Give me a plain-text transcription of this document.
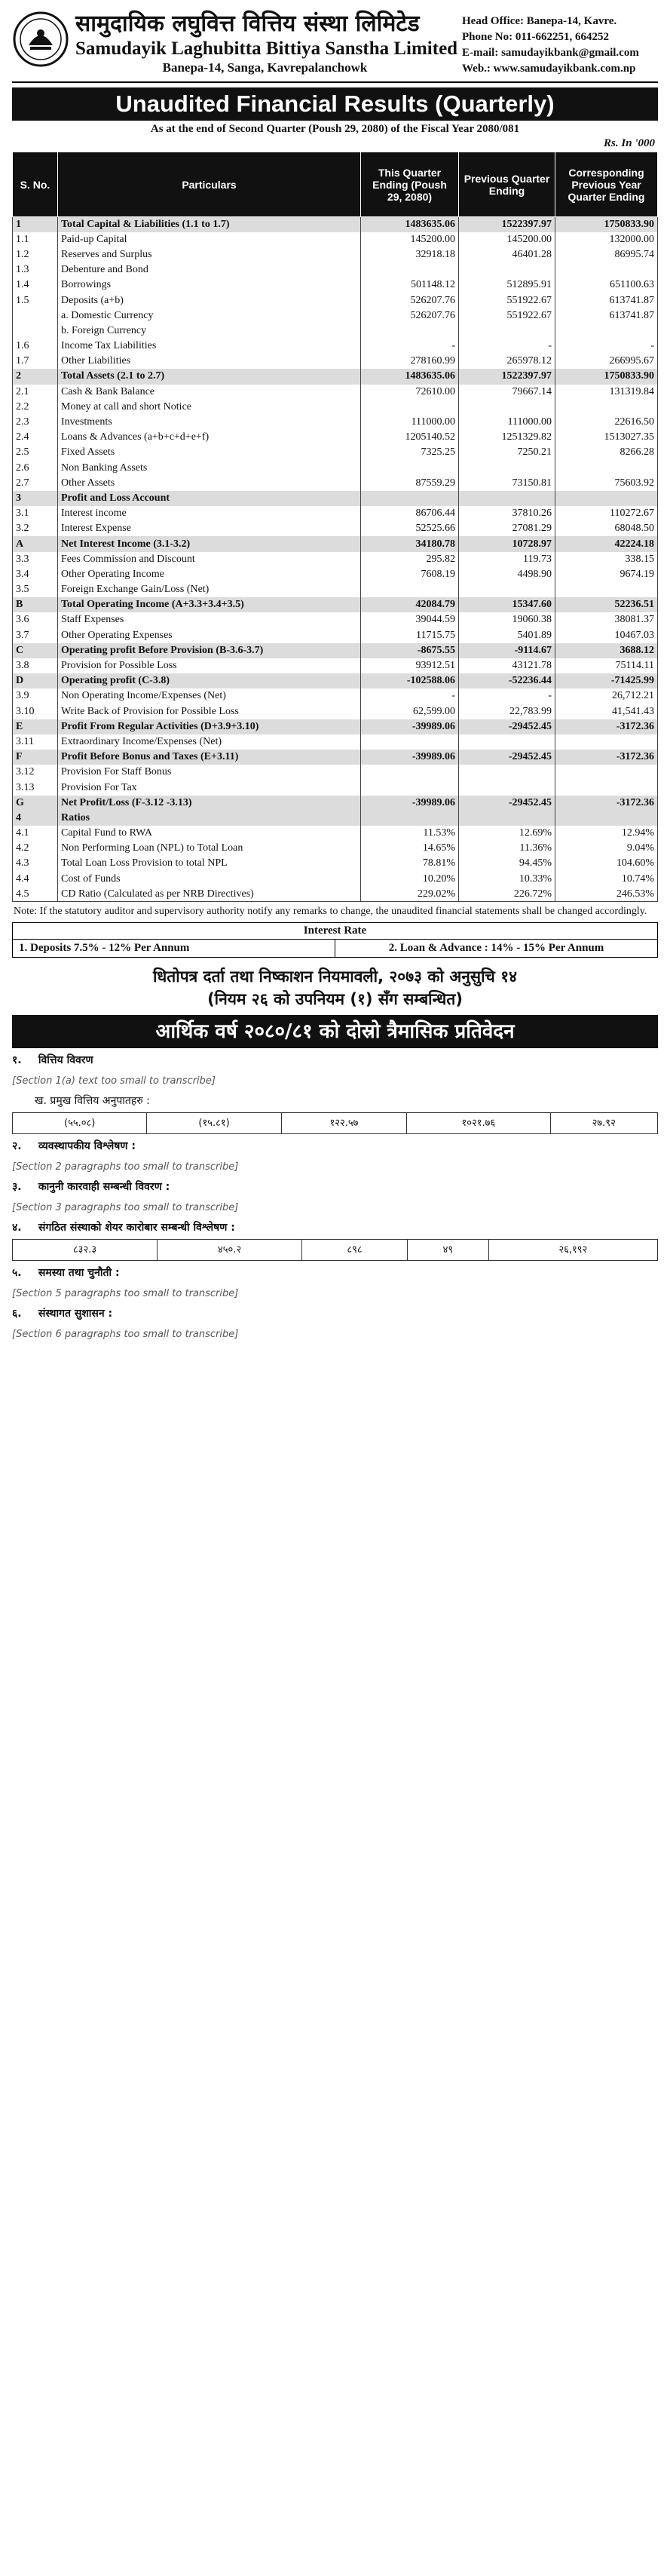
सामुदायिक लघुवित्त वित्तिय संस्था लिमिटेड
Samudayik Laghubitta Bittiya Sanstha Limited
Banepa-14, Sanga, Kavrepalanchowk
Head Office: Banepa-14, Kavre.
Phone No: 011-662251, 664252
E-mail: samudayikbank@gmail.com
Web.: www.samudayikbank.com.np
Unaudited Financial Results (Quarterly)
As at the end of Second Quarter (Poush 29, 2080) of the Fiscal Year 2080/081
Rs. In '000
S. No.	Particulars	This Quarter Ending (Poush 29, 2080)	Previous Quarter Ending	Corresponding Previous Year Quarter Ending
1	Total Capital & Liabilities (1.1 to 1.7)	1483635.06	1522397.97	1750833.90
1.1	Paid-up Capital	145200.00	145200.00	132000.00
1.2	Reserves and Surplus	32918.18	46401.28	86995.74
1.3	Debenture and Bond			
1.4	Borrowings	501148.12	512895.91	651100.63
1.5	Deposits (a+b)	526207.76	551922.67	613741.87
	a. Domestic Currency	526207.76	551922.67	613741.87
	b. Foreign Currency			
1.6	Income Tax Liabilities	-	-	-
1.7	Other Liabilities	278160.99	265978.12	266995.67
2	Total Assets (2.1 to 2.7)	1483635.06	1522397.97	1750833.90
2.1	Cash & Bank Balance	72610.00	79667.14	131319.84
2.2	Money at call and short Notice			
2.3	Investments	111000.00	111000.00	22616.50
2.4	Loans & Advances (a+b+c+d+e+f)	1205140.52	1251329.82	1513027.35
2.5	Fixed Assets	7325.25	7250.21	8266.28
2.6	Non Banking Assets			
2.7	Other Assets	87559.29	73150.81	75603.92
3	Profit and Loss Account			
3.1	Interest income	86706.44	37810.26	110272.67
3.2	Interest Expense	52525.66	27081.29	68048.50
A	Net Interest Income (3.1-3.2)	34180.78	10728.97	42224.18
3.3	Fees Commission and Discount	295.82	119.73	338.15
3.4	Other Operating Income	7608.19	4498.90	9674.19
3.5	Foreign Exchange Gain/Loss (Net)			
B	Total Operating Income (A+3.3+3.4+3.5)	42084.79	15347.60	52236.51
3.6	Staff Expenses	39044.59	19060.38	38081.37
3.7	Other Operating Expenses	11715.75	5401.89	10467.03
C	Operating profit Before Provision (B-3.6-3.7)	-8675.55	-9114.67	3688.12
3.8	Provision for Possible Loss	93912.51	43121.78	75114.11
D	Operating profit (C-3.8)	-102588.06	-52236.44	-71425.99
3.9	Non Operating Income/Expenses (Net)	-	-	26,712.21
3.10	Write Back of Provision for Possible Loss	62,599.00	22,783.99	41,541.43
E	Profit From Regular Activities (D+3.9+3.10)	-39989.06	-29452.45	-3172.36
3.11	Extraordinary Income/Expenses (Net)			
F	Profit Before Bonus and Taxes (E+3.11)	-39989.06	-29452.45	-3172.36
3.12	Provision For Staff Bonus			
3.13	Provision For Tax			
G	Net Profit/Loss (F-3.12 -3.13)	-39989.06	-29452.45	-3172.36
4	Ratios			
4.1	Capital Fund to RWA	11.53%	12.69%	12.94%
4.2	Non Performing Loan (NPL) to Total Loan	14.65%	11.36%	9.04%
4.3	Total Loan Loss Provision to total NPL	78.81%	94.45%	104.60%
4.4	Cost of Funds	10.20%	10.33%	10.74%
4.5	CD Ratio (Calculated as per NRB Directives)	229.02%	226.72%	246.53%
Note: If the statutory auditor and supervisory authority notify any remarks to change, the unaudited financial statements shall be changed accordingly.
Interest Rate
1. Deposits 7.5% - 12% Per Annum	2. Loan & Advance : 14% - 15% Per Annum
धितोपत्र दर्ता तथा निष्काशन नियमावली, २०७३ को अनुसुचि १४
(नियम २६ को उपनियम (१) सँग सम्बन्धित)
आर्थिक वर्ष २०८०/८१ को दोस्रो त्रैमासिक प्रतिवेदन
१. वित्तिय विवरण
[Section 1(a) text too small to transcribe]
ख. प्रमुख वित्तिय अनुपातहरु :
(५५.०८)	(१५.८१)	१२२.५७	१०२१.७६	२७.९२
२. व्यवस्थापकीय विश्लेषण :
[Section 2 paragraphs too small to transcribe]
३. कानुनी कारवाही सम्बन्धी विवरण :
[Section 3 paragraphs too small to transcribe]
४. संगठित संस्थाको शेयर कारोबार सम्बन्धी विश्लेषण :
८३२.३	४५०.२	८९८	४९	२६,१९२
५. समस्या तथा चुनौती :
[Section 5 paragraphs too small to transcribe]
६. संस्थागत सुशासन :
[Section 6 paragraphs too small to transcribe]
